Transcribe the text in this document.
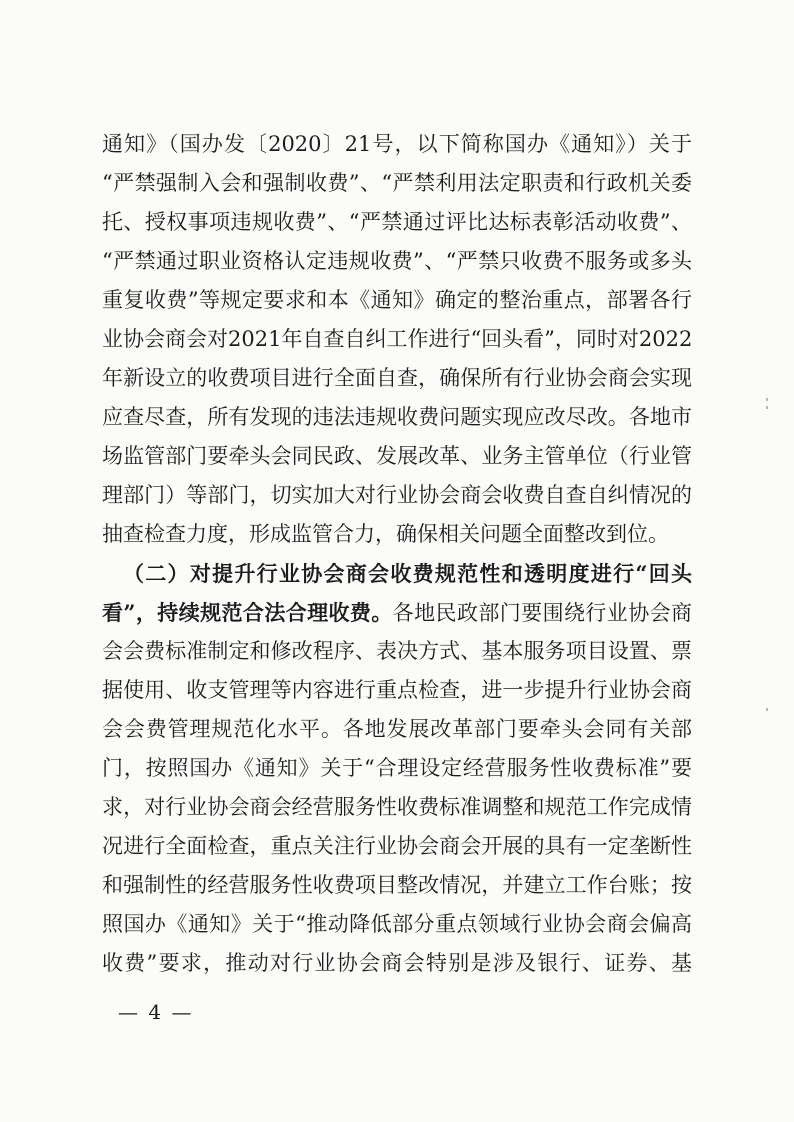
通知》（国办发〔2020〕21号，以下简称国办《通知》）关于
“严禁强制入会和强制收费”、“严禁利用法定职责和行政机关委
托、授权事项违规收费”、“严禁通过评比达标表彰活动收费”、
“严禁通过职业资格认定违规收费”、“严禁只收费不服务或多头
重复收费”等规定要求和本《通知》确定的整治重点，部署各行
业协会商会对2021年自查自纠工作进行“回头看”，同时对2022
年新设立的收费项目进行全面自查，确保所有行业协会商会实现
应查尽查，所有发现的违法违规收费问题实现应改尽改。各地市
场监管部门要牵头会同民政、发展改革、业务主管单位（行业管
理部门）等部门，切实加大对行业协会商会收费自查自纠情况的
抽查检查力度，形成监管合力，确保相关问题全面整改到位。
（二）对提升行业协会商会收费规范性和透明度进行“回头
看”，持续规范合法合理收费。各地民政部门要围绕行业协会商
会会费标准制定和修改程序、表决方式、基本服务项目设置、票
据使用、收支管理等内容进行重点检查，进一步提升行业协会商
会会费管理规范化水平。各地发展改革部门要牵头会同有关部
门，按照国办《通知》关于“合理设定经营服务性收费标准”要
求，对行业协会商会经营服务性收费标准调整和规范工作完成情
况进行全面检查，重点关注行业协会商会开展的具有一定垄断性
和强制性的经营服务性收费项目整改情况，并建立工作台账；按
照国办《通知》关于“推动降低部分重点领域行业协会商会偏高
收费”要求，推动对行业协会商会特别是涉及银行、证券、基
— 4 —
